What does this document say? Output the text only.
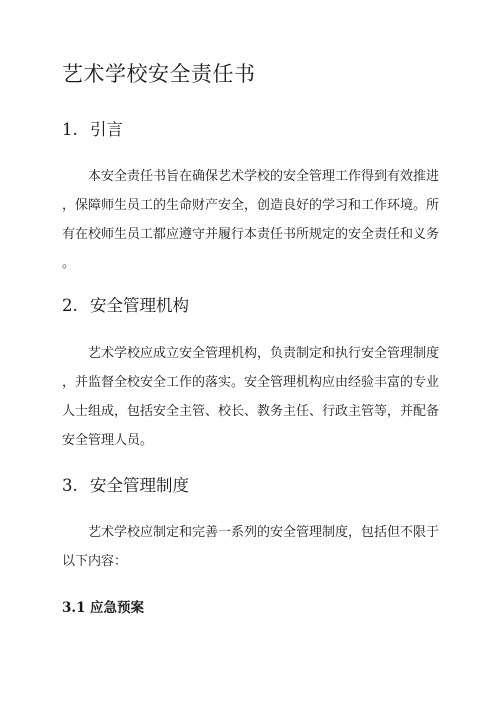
艺术学校安全责任书
1. 引言
本安全责任书旨在确保艺术学校的安全管理工作得到有效推进
，保障师生员工的生命财产安全，创造良好的学习和工作环境。所
有在校师生员工都应遵守并履行本责任书所规定的安全责任和义务
。
2. 安全管理机构
艺术学校应成立安全管理机构，负责制定和执行安全管理制度
，并监督全校安全工作的落实。安全管理机构应由经验丰富的专业
人士组成，包括安全主管、校长、教务主任、行政主管等，并配备
安全管理人员。
3. 安全管理制度
艺术学校应制定和完善一系列的安全管理制度，包括但不限于
以下内容：
3.1 应急预案
